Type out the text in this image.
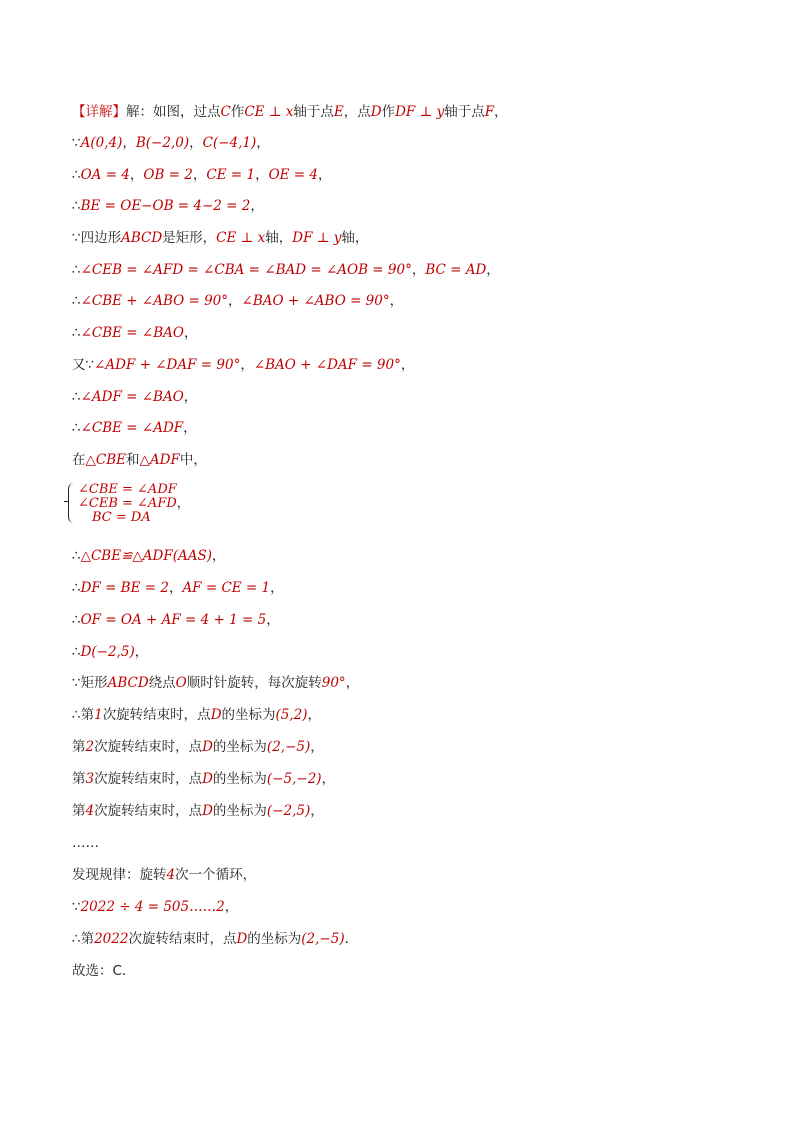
∠CBE = ∠ADF
∠CEB = ∠AFD，
BC = DA
【详解】解：如图，过点C作CE ⊥ x轴于点E，点D作DF ⊥ y轴于点F，
∵A(0,4)，B(−2,0)，C(−4,1)，
∴OA = 4，OB = 2，CE = 1，OE = 4，
∴BE = OE−OB = 4−2 = 2，
∵四边形ABCD是矩形，CE ⊥ x轴，DF ⊥ y轴，
∴∠CEB = ∠AFD = ∠CBA = ∠BAD = ∠AOB = 90°，BC = AD，
∴∠CBE + ∠ABO = 90°，∠BAO + ∠ABO = 90°，
∴∠CBE = ∠BAO，
又∵∠ADF + ∠DAF = 90°，∠BAO + ∠DAF = 90°，
∴∠ADF = ∠BAO，
∴∠CBE = ∠ADF，
在△CBE和△ADF中，
∴△CBE≌△ADF(AAS)，
∴DF = BE = 2，AF = CE = 1，
∴OF = OA + AF = 4 + 1 = 5，
∴D(−2,5)，
∵矩形ABCD绕点O顺时针旋转，每次旋转90°，
∴第1次旋转结束时，点D的坐标为(5,2)，
第2次旋转结束时，点D的坐标为(2,−5)，
第3次旋转结束时，点D的坐标为(−5,−2)，
第4次旋转结束时，点D的坐标为(−2,5)，
……
发现规律：旋转4次一个循环，
∵2022 ÷ 4 = 505……2，
∴第2022次旋转结束时，点D的坐标为(2,−5)．
故选：C．
